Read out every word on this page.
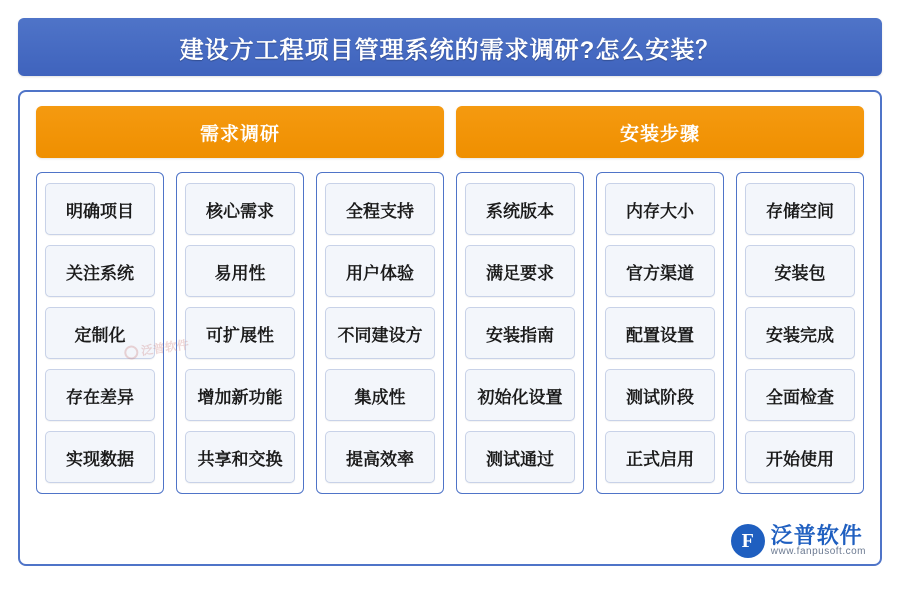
建设方工程项目管理系统的需求调研?怎么安装？
需求调研	安装步骤
明确项目
关注系统
定制化
存在差异
实现数据
核心需求
易用性
可扩展性
增加新功能
共享和交换
全程支持
用户体验
不同建设方
集成性
提高效率
系统版本
满足要求
安装指南
初始化设置
测试通过
内存大小
官方渠道
配置设置
测试阶段
正式启用
存储空间
安装包
安装完成
全面检查
开始使用
泛普软件
F 泛普软件
www.fanpusoft.com
